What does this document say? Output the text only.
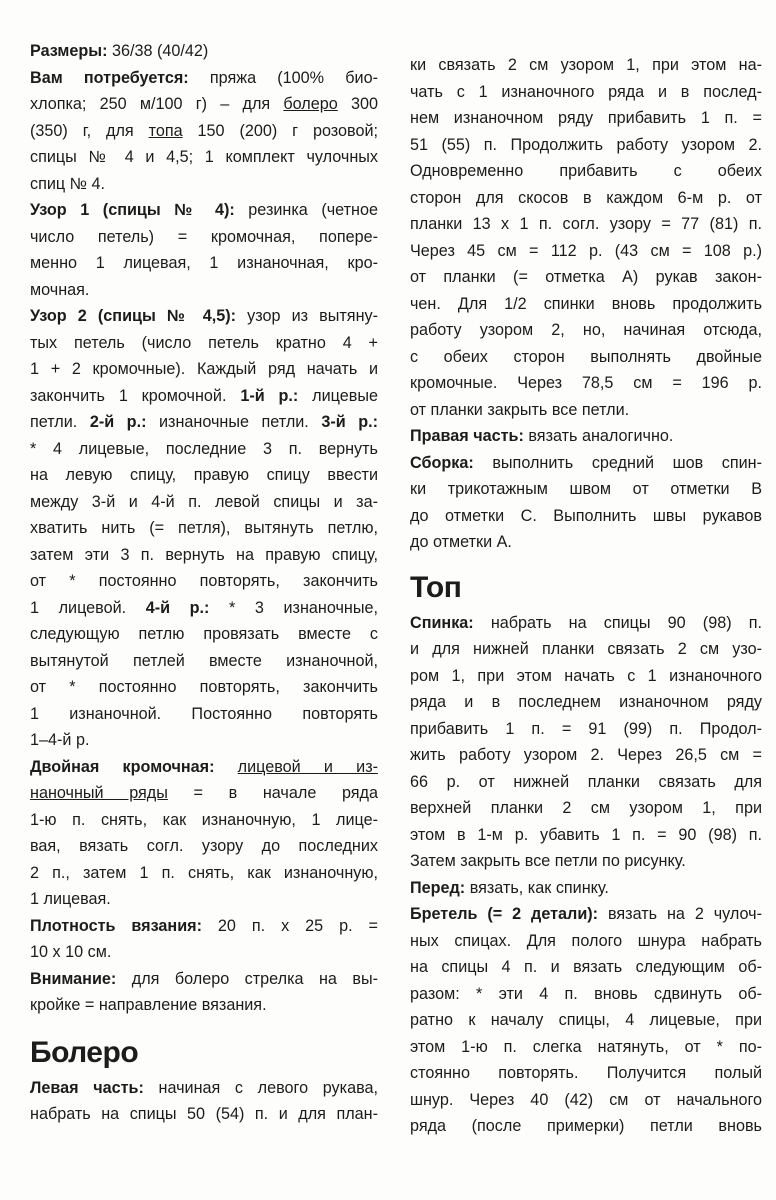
Размеры: 36/38 (40/42)
Вам потребуется: пряжа (100% био-
хлопка; 250 м/100 г) – для болеро 300
(350) г, для топа 150 (200) г розовой;
спицы № 4 и 4,5; 1 комплект чулочных
спиц № 4.
Узор 1 (спицы № 4): резинка (четное
число петель) = кромочная, попере-
менно 1 лицевая, 1 изнаночная, кро-
мочная.
Узор 2 (спицы № 4,5): узор из вытяну-
тых петель (число петель кратно 4 +
1 + 2 кромочные). Каждый ряд начать и
закончить 1 кромочной. 1-й р.: лицевые
петли. 2-й р.: изнаночные петли. 3-й р.:
* 4 лицевые, последние 3 п. вернуть
на левую спицу, правую спицу ввести
между 3-й и 4-й п. левой спицы и за-
хватить нить (= петля), вытянуть петлю,
затем эти 3 п. вернуть на правую спицу,
от * постоянно повторять, закончить
1 лицевой. 4-й р.: * 3 изнаночные,
следующую петлю провязать вместе с
вытянутой петлей вместе изнаночной,
от * постоянно повторять, закончить
1 изнаночной. Постоянно повторять
1–4-й р.
Двойная кромочная: лицевой и из-
наночный ряды = в начале ряда
1-ю п. снять, как изнаночную, 1 лице-
вая, вязать согл. узору до последних
2 п., затем 1 п. снять, как изнаночную,
1 лицевая.
Плотность вязания: 20 п. х 25 р. =
10 х 10 см.
Внимание: для болеро стрелка на вы-
кройке = направление вязания.
Болеро
Левая часть: начиная с левого рукава,
набрать на спицы 50 (54) п. и для план-
ки связать 2 см узором 1, при этом на-
чать с 1 изнаночного ряда и в послед-
нем изнаночном ряду прибавить 1 п. =
51 (55) п. Продолжить работу узором 2.
Одновременно прибавить с обеих
сторон для скосов в каждом 6-м р. от
планки 13 х 1 п. согл. узору = 77 (81) п.
Через 45 см = 112 р. (43 см = 108 р.)
от планки (= отметка А) рукав закон-
чен. Для 1/2 спинки вновь продолжить
работу узором 2, но, начиная отсюда,
с обеих сторон выполнять двойные
кромочные. Через 78,5 см = 196 р.
от планки закрыть все петли.
Правая часть: вязать аналогично.
Сборка: выполнить средний шов спин-
ки трикотажным швом от отметки В
до отметки С. Выполнить швы рукавов
до отметки А.
Топ
Спинка: набрать на спицы 90 (98) п.
и для нижней планки связать 2 см узо-
ром 1, при этом начать с 1 изнаночного
ряда и в последнем изнаночном ряду
прибавить 1 п. = 91 (99) п. Продол-
жить работу узором 2. Через 26,5 см =
66 р. от нижней планки связать для
верхней планки 2 см узором 1, при
этом в 1-м р. убавить 1 п. = 90 (98) п.
Затем закрыть все петли по рисунку.
Перед: вязать, как спинку.
Бретель (= 2 детали): вязать на 2 чулоч-
ных спицах. Для полого шнура набрать
на спицы 4 п. и вязать следующим об-
разом: * эти 4 п. вновь сдвинуть об-
ратно к началу спицы, 4 лицевые, при
этом 1-ю п. слегка натянуть, от * по-
стоянно повторять. Получится полый
шнур. Через 40 (42) см от начального
ряда (после примерки) петли вновь
